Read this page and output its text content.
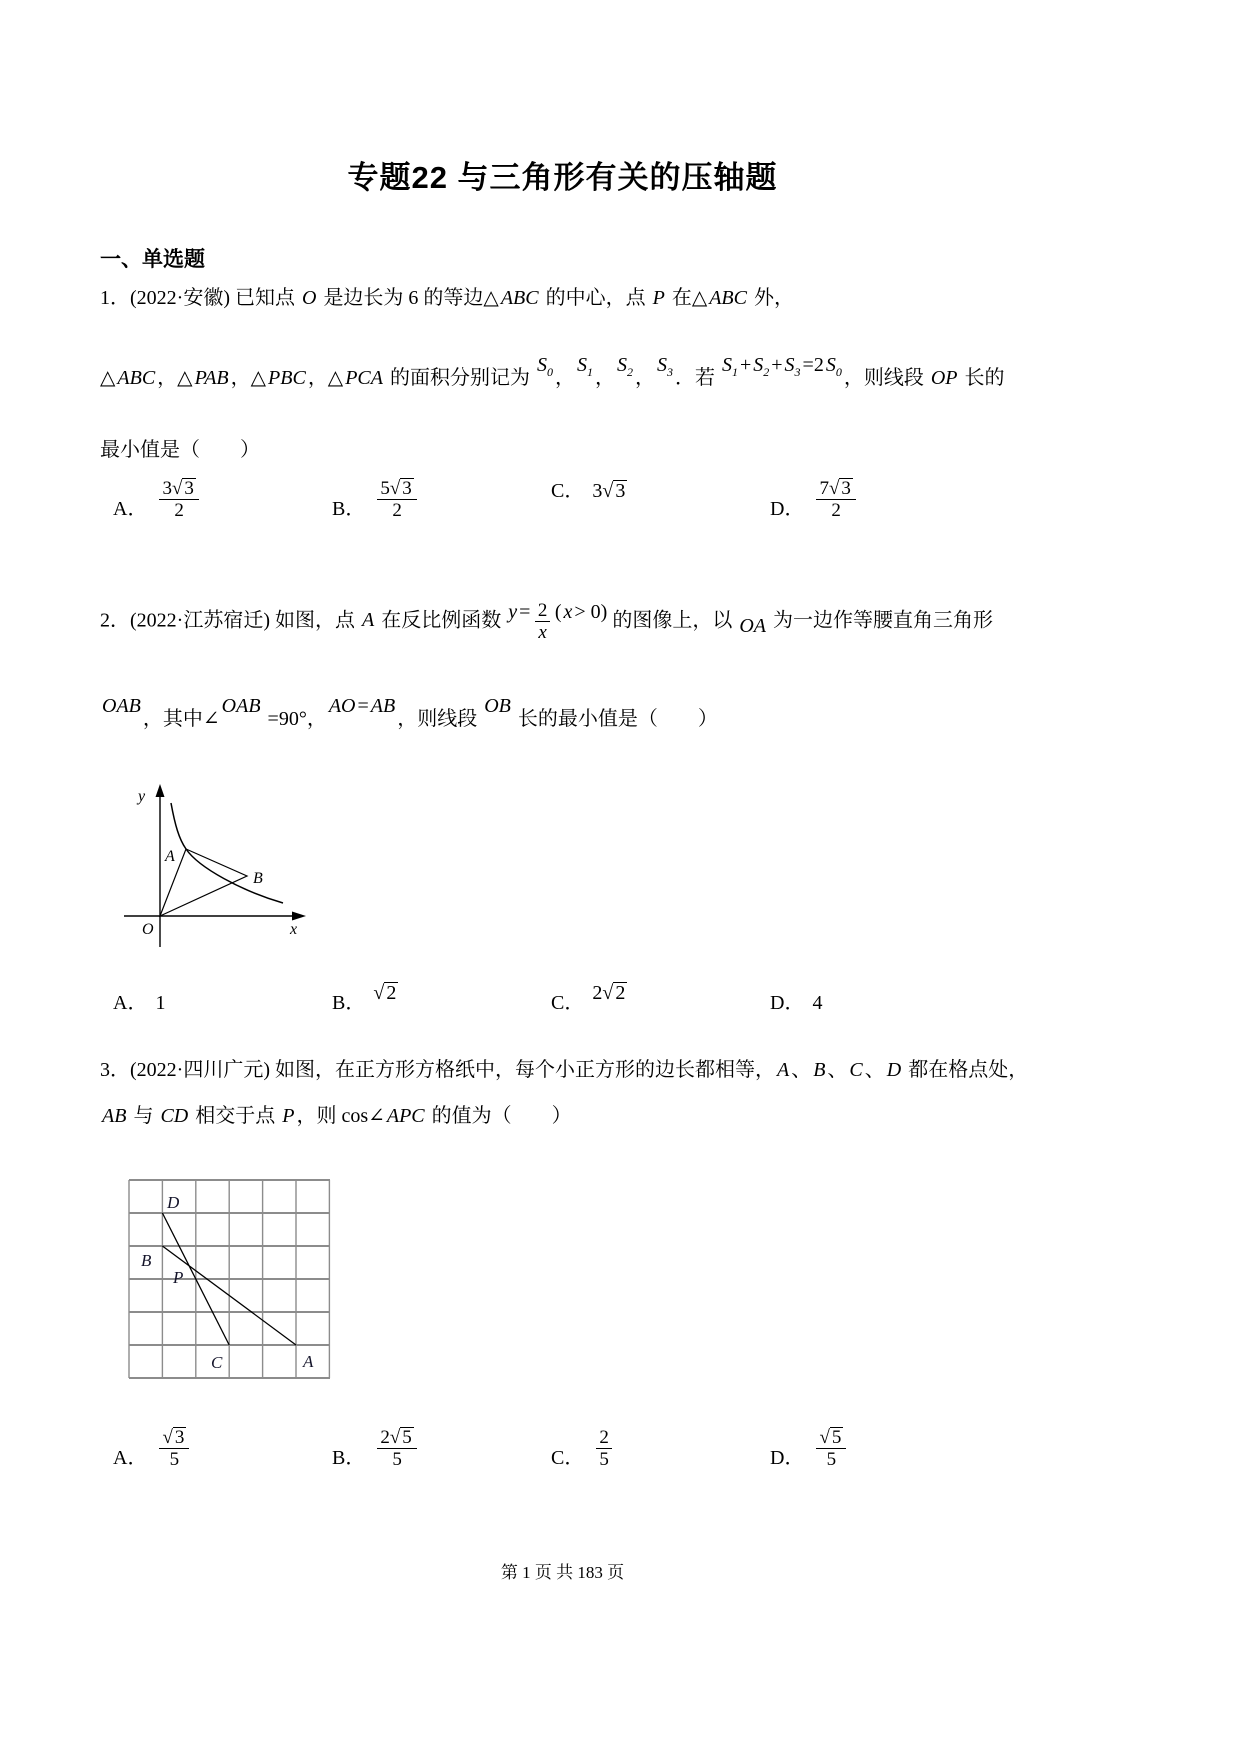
专题22 与三角形有关的压轴题
一、单选题
1．(2022·安徽) 已知点 O 是边长为 6 的等边△ ABC 的中心，点 P 在△ ABC 外，
△ ABC ，△ PAB ，△ PBC ，△ PCA 的面积分别记为 $S_0$ ，$S_1$ ，$S_2$ ，$S_3$ ．若 $S_1 + S_2 + S_3=2$ $S_0$ ，则线段 OP 长的
最小值是（　　）
A． $\frac{3√ 3}{2}$	B． $\frac{5√ 3}{2}$	C． 3√ 3
D． $\frac{7√ 3}{2}$
2．(2022·江苏宿迁) 如图，点 A 在反比例函数 $y = \frac{2}{x}$ ( x> 0) 的图像上，以 OA 为一边作等腰直角三角形
OAB，其中∠OAB =90°，AO= AB，则线段 OB 长的最小值是（　　）
y
x
O
A
B
A． 1	B． √ 2	C． 2√ 2	D． 4
3．(2022·四川广元) 如图，在正方形方格纸中，每个小正方形的边长都相等， A 、 B 、 C 、 D 都在格点处，
AB 与 CD 相交于点 P ，则 cos∠ APC 的值为（　　）
D
B
P
C	A
A． $\frac{√ 3}{5}$	B． $\frac{2√ 5}{5}$	C． $\frac{2}{5}$	D． $\frac{√ 5}{5}$
第 1 页 共 183 页
